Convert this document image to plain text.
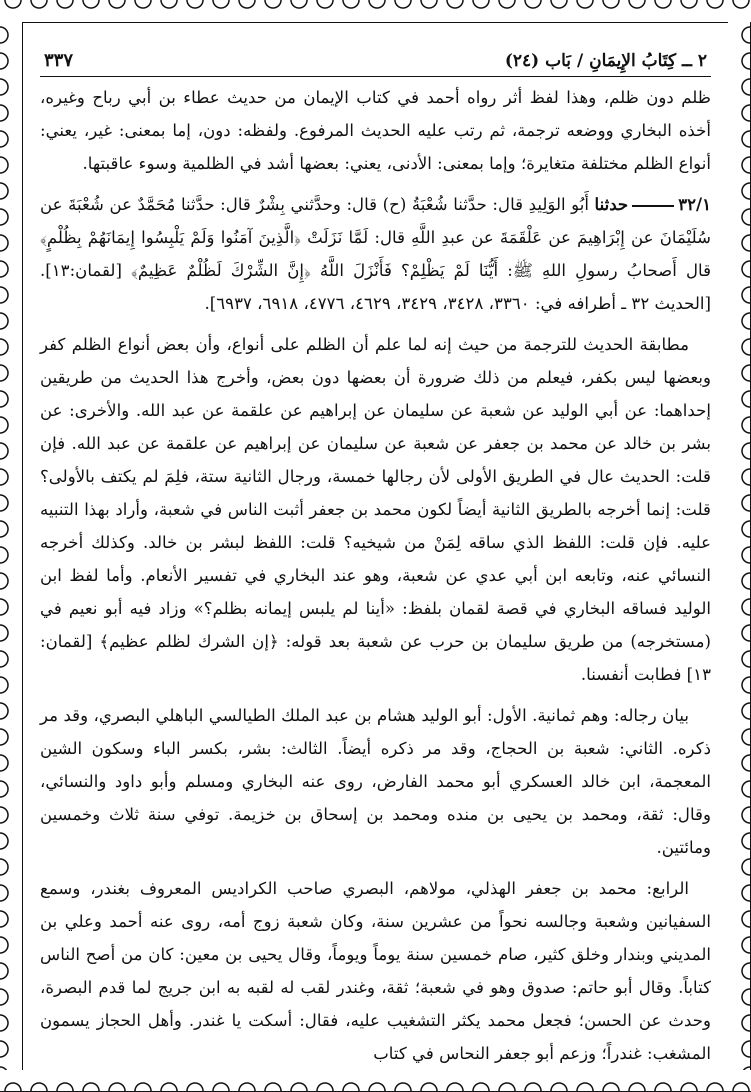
٢ ــ كِتَابُ الإِيمَانِ / بَاب (٢٤)
٣٣٧

ظلم دون ظلم، وهذا لفظ أثر رواه أحمد في كتاب الإيمان من حديث عطاء بن أبي رباح وغيره، أخذه البخاري ووضعه ترجمة، ثم رتب عليه الحديث المرفوع. ولفظه: دون، إما بمعنى: غير، يعني: أنواع الظلم مختلفة متغايرة؛ وإما بمعنى: الأدنى، يعني: بعضها أشد في الظلمية وسوء عاقبتها.

٣٢/١حدثنا أَبُو الوَلِيدِ قال: حدَّثنا شُعْبَةُ (ح) قال: وحدَّثني بِشْرٌ قال: حدَّثنا مُحَمَّدٌ عن شُعْبَةَ عن سُلَيْمَانَ عن إِبْرَاهِيمَ عن عَلْقَمَةَ عن عبدِ اللَّهِ قال: لَمَّا نَزَلَتْ ﴿الَّذِينَ آمَنُوا وَلَمْ يَلْبِسُوا إِيمَانَهُمْ بِظُلْمٍ﴾ قال أَصحابُ رسولِ اللهِ ﷺ: أَيُّنَا لَمْ يَظْلِمْ؟ فَأَنْزَلَ اللَّهُ ﴿إِنَّ الشِّرْكَ لَظُلْمٌ عَظِيمٌ﴾ [لقمان:١٣]. [الحديث ٣٢ ـ أطرافه في: ٣٣٦٠، ٣٤٢٨، ٣٤٢٩، ٤٦٢٩، ٤٧٧٦، ٦٩١٨، ٦٩٣٧].

مطابقة الحديث للترجمة من حيث إنه لما علم أن الظلم على أنواع، وأن بعض أنواع الظلم كفر وبعضها ليس بكفر، فيعلم من ذلك ضرورة أن بعضها دون بعض، وأخرج هذا الحديث من طريقين إحداهما: عن أبي الوليد عن شعبة عن سليمان عن إبراهيم عن علقمة عن عبد الله. والأخرى: عن بشر بن خالد عن محمد بن جعفر عن شعبة عن سليمان عن إبراهيم عن علقمة عن عبد الله. فإن قلت: الحديث عال في الطريق الأولى لأن رجالها خمسة، ورجال الثانية ستة، فلِمَ لم يكتف بالأولى؟ قلت: إنما أخرجه بالطريق الثانية أيضاً لكون محمد بن جعفر أثبت الناس في شعبة، وأراد بهذا التنبيه عليه. فإن قلت: اللفظ الذي ساقه لِمَنْ من شيخيه؟ قلت: اللفظ لبشر بن خالد. وكذلك أخرجه النسائي عنه، وتابعه ابن أبي عدي عن شعبة، وهو عند البخاري في تفسير الأنعام. وأما لفظ ابن الوليد فساقه البخاري في قصة لقمان بلفظ: «أينا لم يلبس إيمانه بظلم؟» وزاد فيه أبو نعيم في (مستخرجه) من طريق سليمان بن حرب عن شعبة بعد قوله: ﴿إن الشرك لظلم عظيم﴾ [لقمان: ١٣] فطابت أنفسنا.

بيان رجاله: وهم ثمانية. الأول: أبو الوليد هشام بن عبد الملك الطيالسي الباهلي البصري، وقد مر ذكره. الثاني: شعبة بن الحجاج، وقد مر ذكره أيضاً. الثالث: بشر، بكسر الباء وسكون الشين المعجمة، ابن خالد العسكري أبو محمد الفارض، روى عنه البخاري ومسلم وأبو داود والنسائي، وقال: ثقة، ومحمد بن يحيى بن منده ومحمد بن إسحاق بن خزيمة. توفي سنة ثلاث وخمسين ومائتين.

الرابع: محمد بن جعفر الهذلي، مولاهم، البصري صاحب الكراديس المعروف بغندر، وسمع السفيانين وشعبة وجالسه نحواً من عشرين سنة، وكان شعبة زوج أمه، روى عنه أحمد وعلي بن المديني وبندار وخلق كثير، صام خمسين سنة يوماً ويوماً، وقال يحيى بن معين: كان من أصح الناس كتاباً. وقال أبو حاتم: صدوق وهو في شعبة؛ ثقة، وغندر لقب له لقبه به ابن جريج لما قدم البصرة، وحدث عن الحسن؛ فجعل محمد يكثر التشغيب عليه، فقال: أسكت يا غندر. وأهل الحجاز يسمون المشغب: غندراً؛ وزعم أبو جعفر النحاس في كتاب
